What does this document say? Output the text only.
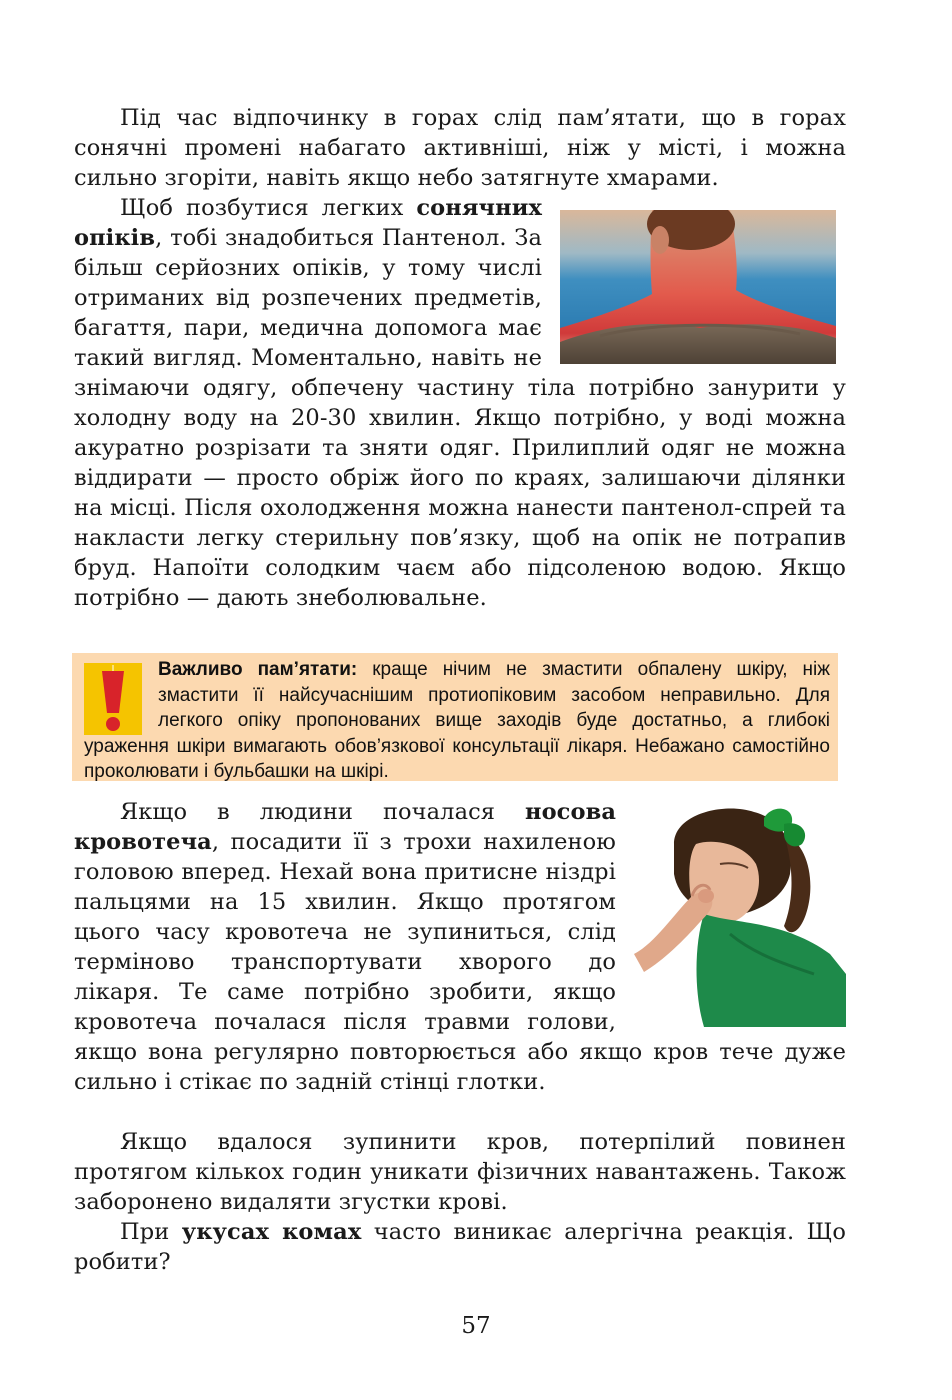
Під час відпочинку в горах слід пам’ятати, що в горах сонячні промені набагато активніші, ніж у місті, і можна сильно згоріти, навіть якщо небо затягнуте хмарами.

Щоб позбутися легких сонячних опіків, тобі знадобиться Пантенол. За більш серйозних опіків, у тому числі отриманих від розпечених предметів, багаття, пари, медична допомога має такий вигляд. Моментально, навіть не знімаючи одягу, обпечену частину тіла потрібно занурити у холодну воду на 20-30 хвилин. Якщо потрібно, у воді можна акуратно розрізати та зняти одяг. Прилиплий одяг не можна віддирати — просто обріж його по краях, залишаючи ділянки на місці. Після охолодження можна нанести пантенол-спрей та накласти легку стерильну пов’язку, щоб на опік не потрапив бруд. Напоїти солодким чаєм або підсоленою водою. Якщо потрібно — дають знеболювальне.

Важливо пам’ятати: краще нічим не змастити обпалену шкіру, ніж змастити її найсучаснішим протиопіковим засобом неправильно. Для легкого опіку пропонованих вище заходів буде достатньо, а глибокі ураження шкіри вимагають обов’язкової консультації лікаря. Небажано самостійно проколювати і бульбашки на шкірі.

Якщо в людини почалася носова кровотеча, посадити її з трохи нахиленою головою вперед. Нехай вона притисне ніздрі пальцями на 15 хвилин. Якщо протягом цього часу кровотеча не зупиниться, слід терміново транспортувати хворого до лікаря. Те саме потрібно зробити, якщо кровотеча почалася після травми голови, якщо вона регулярно повторюється або якщо кров тече дуже сильно і стікає по задній стінці глотки.

Якщо вдалося зупинити кров, потерпілий повинен протягом кількох годин уникати фізичних навантажень. Також заборонено видаляти згустки крові.

При укусах комах часто виникає алергічна реакція. Що робити?

57
